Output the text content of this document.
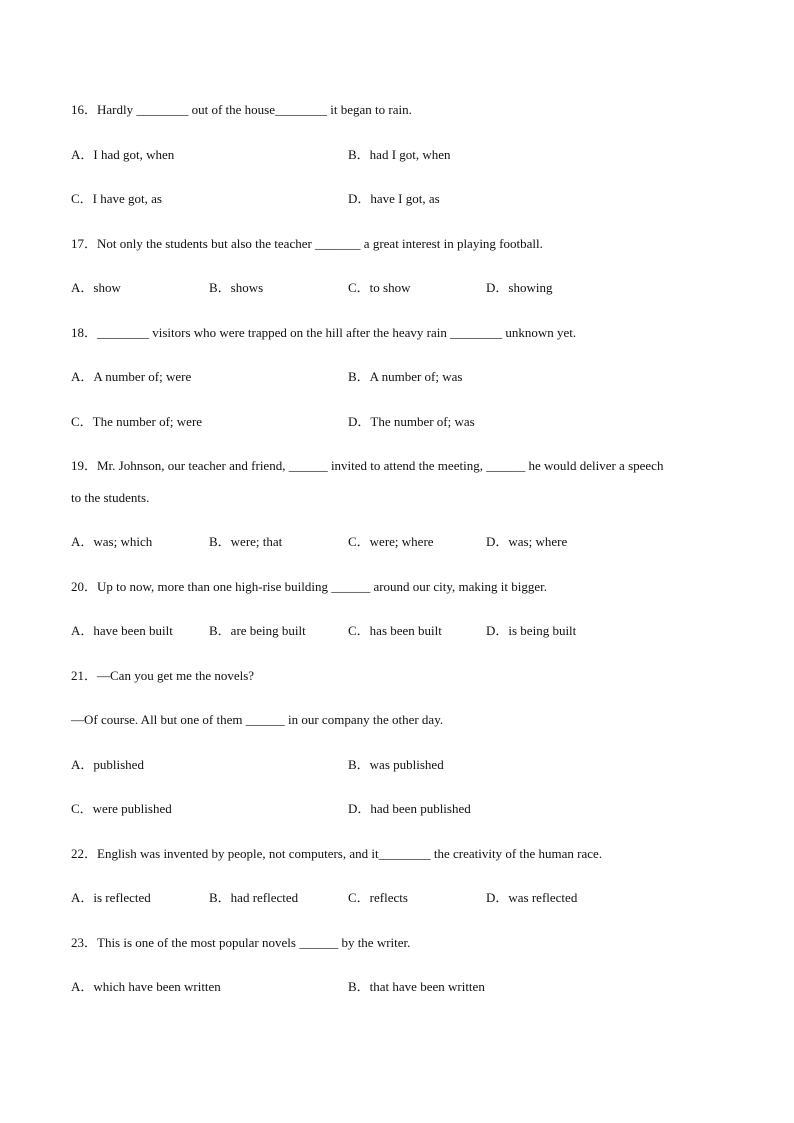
16．Hardly ________ out of the house________ it began to rain.
A．I had got, when	B．had I got, when
C．I have got, as	D．have I got, as
17．Not only the students but also the teacher _______ a great interest in playing football.
A．show	B．shows	C．to show	D．showing
18．________ visitors who were trapped on the hill after the heavy rain ________ unknown yet.
A．A number of; were	B．A number of; was
C．The number of; were	D．The number of; was
19．Mr. Johnson, our teacher and friend, ______ invited to attend the meeting, ______ he would deliver a speech
to the students.
A．was; which	B．were; that	C．were; where	D．was; where
20．Up to now, more than one high-rise building ______ around our city, making it bigger.
A．have been built	B．are being built	C．has been built	D．is being built
21．—Can you get me the novels?
—Of course. All but one of them ______ in our company the other day.
A．published	B．was published
C．were published	D．had been published
22．English was invented by people, not computers, and it________ the creativity of the human race.
A．is reflected	B．had reflected	C．reflects	D．was reflected
23．This is one of the most popular novels ______ by the writer.
A．which have been written	B．that have been written
